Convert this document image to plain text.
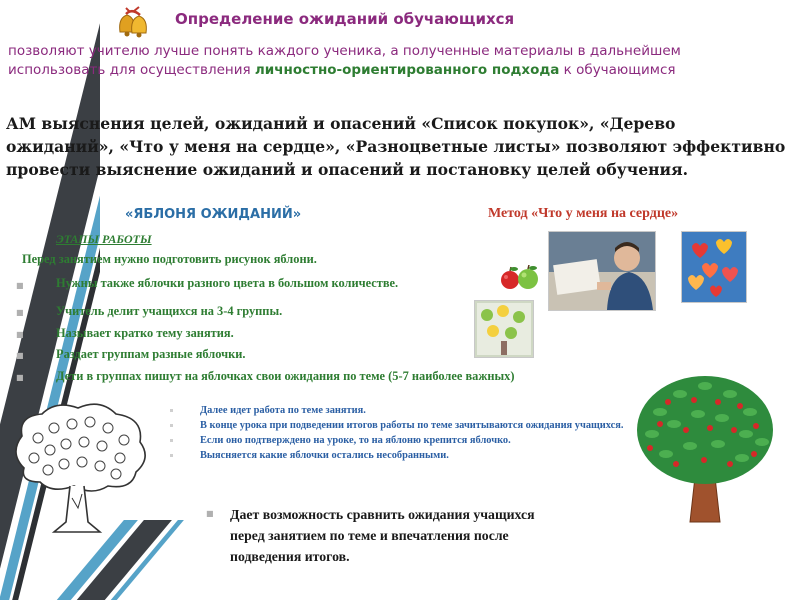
Определение ожиданий обучающихся
позволяют учителю лучше понять каждого ученика, а полученные материалы в дальнейшем использовать для осуществления личностно-ориентированного подхода к обучающимся
АМ выяснения целей, ожиданий и опасений «Список покупок», «Дерево ожиданий», «Что у меня на сердце», «Разноцветные листы» позволяют эффективно провести выяснение ожиданий и опасений и постановку целей обучения.
«ЯБЛОНЯ ОЖИДАНИЙ»	Метод «Что у меня на сердце»
ЭТАПЫ РАБОТЫ
Перед занятием нужно подготовить рисунок яблони.
■	Нужны также яблочки разного цвета в большом количестве.
■	Учитель делит учащихся на 3-4 группы.
■	Называет кратко тему занятия.
■	Раздает группам разные яблочки.
■	Дети в группах пишут на яблочках свои ожидания по теме (5-7 наиболее важных)
Далее идет работа по теме занятия.
В конце урока при подведении итогов работы по теме зачитываются ожидания учащихся.
Если оно подтверждено на уроке, то на яблоню крепится яблочко.
Выясняется какие яблочки остались несобранными.
■ Дает возможность сравнить ожидания учащихся перед занятием по теме и впечатления после подведения итогов.
